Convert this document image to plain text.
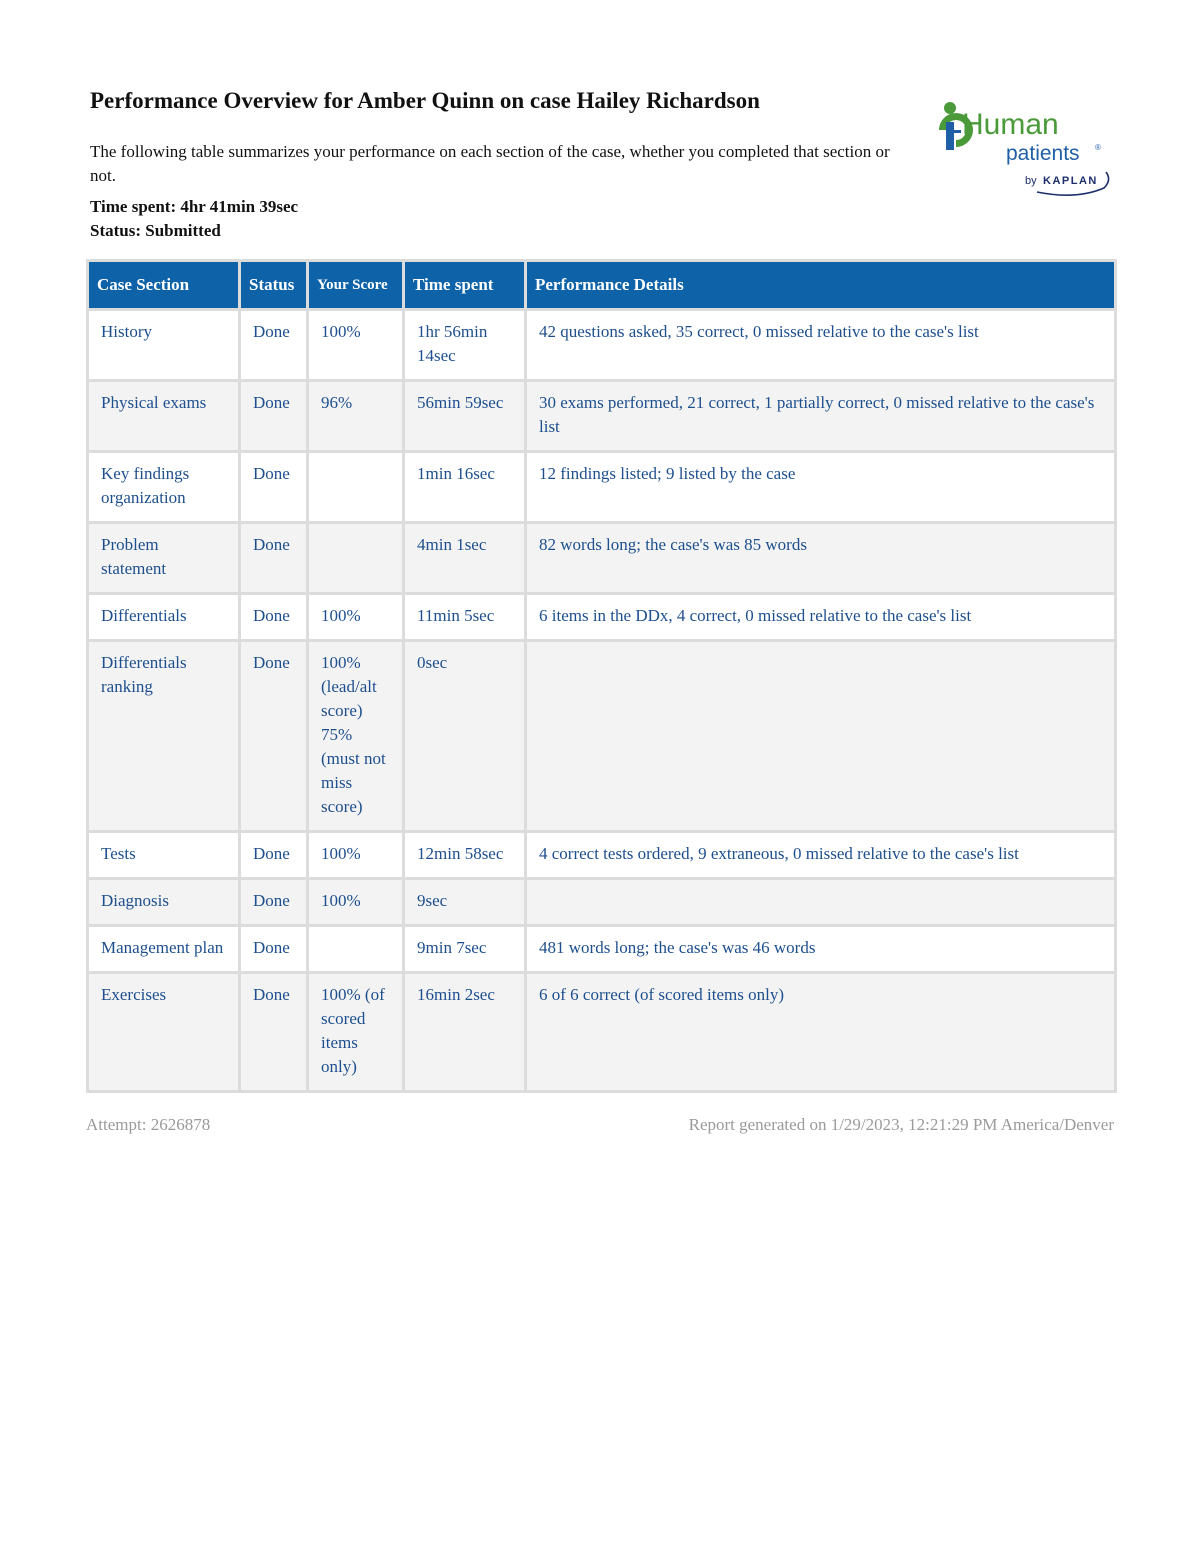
Performance Overview for Amber Quinn on case Hailey Richardson
The following table summarizes your performance on each section of the case, whether you completed that section or not.
Time spent: 4hr 41min 39sec
Status: Submitted
Human
patients ®
by KAPLAN
Case Section	Status	Your Score	Time spent	Performance Details
History	Done	100%	1hr 56min 14sec	42 questions asked, 35 correct, 0 missed relative to the case's list
Physical exams	Done	96%	56min 59sec	30 exams performed, 21 correct, 1 partially correct, 0 missed relative to the case's list
Key findings organization	Done		1min 16sec	12 findings listed; 9 listed by the case
Problem statement	Done		4min 1sec	82 words long; the case's was 85 words
Differentials	Done	100%	11min 5sec	6 items in the DDx, 4 correct, 0 missed relative to the case's list
Differentials ranking	Done	100% (lead/alt score) 75% (must not miss score)	0sec	
Tests	Done	100%	12min 58sec	4 correct tests ordered, 9 extraneous, 0 missed relative to the case's list
Diagnosis	Done	100%	9sec	
Management plan	Done		9min 7sec	481 words long; the case's was 46 words
Exercises	Done	100% (of scored items only)	16min 2sec	6 of 6 correct (of scored items only)
Attempt: 2626878	Report generated on 1/29/2023, 12:21:29 PM America/Denver
